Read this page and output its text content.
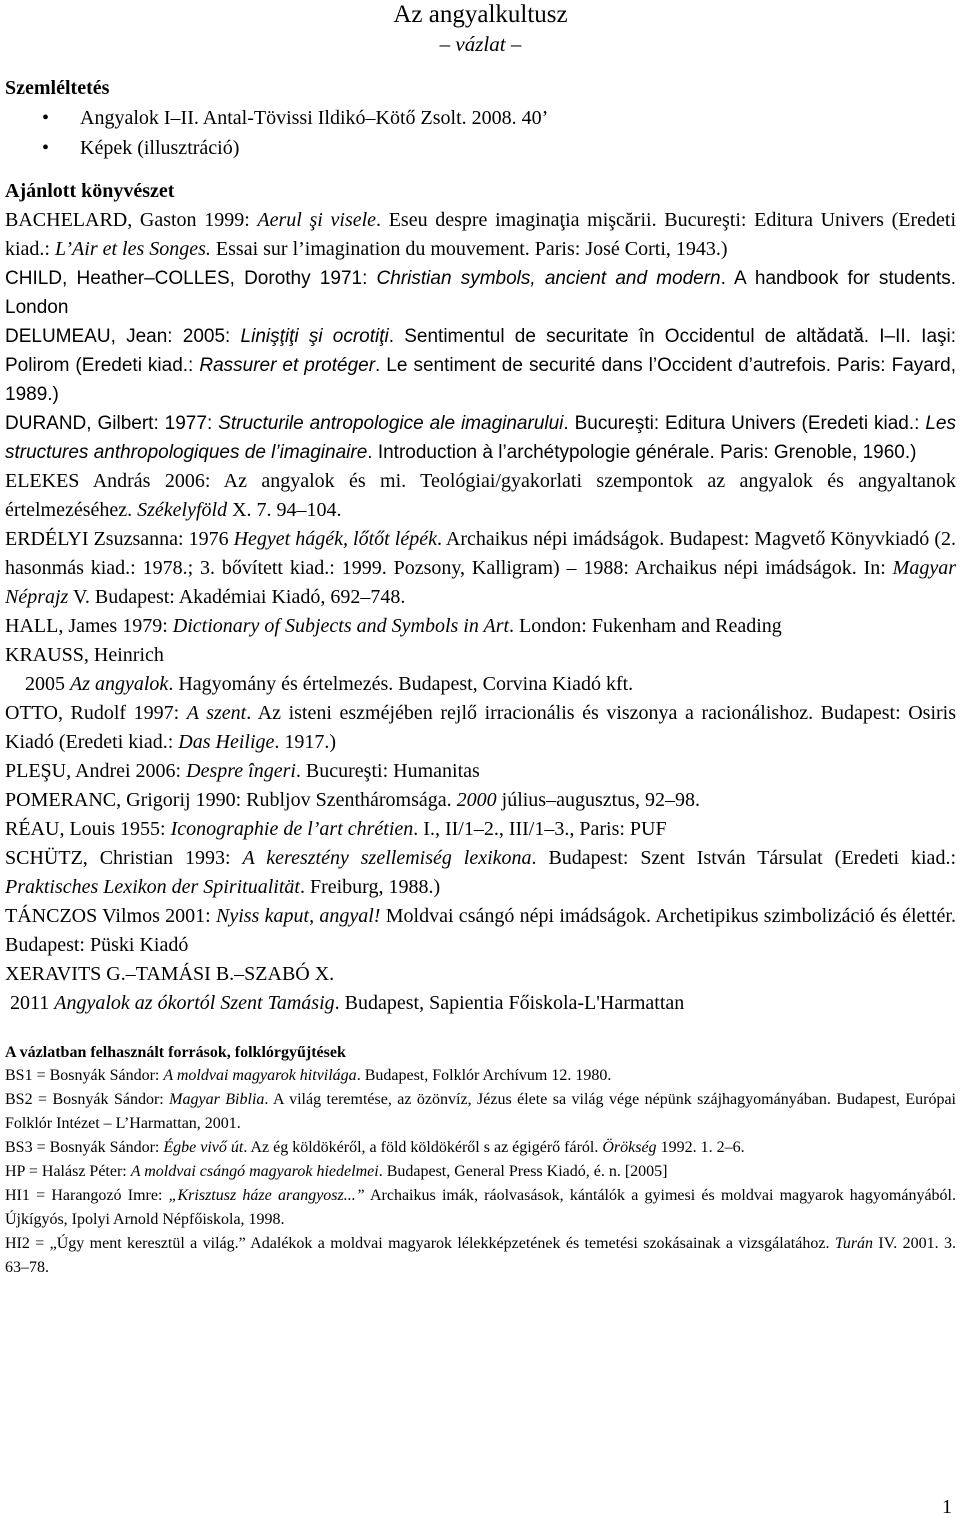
Az angyalkultusz
– vázlat –
Szemléltetés
• Angyalok I–II. Antal-Tövissi Ildikó–Kötő Zsolt. 2008. 40’
• Képek (illusztráció)
Ajánlott könyvészet
BACHELARD, Gaston 1999: Aerul şi visele. Eseu despre imaginaţia mişcării. Bucureşti: Editura Univers (Eredeti kiad.: L’Air et les Songes. Essai sur l’imagination du mouvement. Paris: José Corti, 1943.)
CHILD, Heather–COLLES, Dorothy 1971: Christian symbols, ancient and modern. A handbook for students. London
DELUMEAU, Jean: 2005: Linişţiţi şi ocrotiţi. Sentimentul de securitate în Occidentul de altădată. I–II. Iaşi: Polirom (Eredeti kiad.: Rassurer et protéger. Le sentiment de securité dans l’Occident d’autrefois. Paris: Fayard, 1989.)
DURAND, Gilbert: 1977: Structurile antropologice ale imaginarului. Bucureşti: Editura Univers (Eredeti kiad.: Les structures anthropologiques de l’imaginaire. Introduction à l’archétypologie générale. Paris: Grenoble, 1960.)
ELEKES András 2006: Az angyalok és mi. Teológiai/gyakorlati szempontok az angyalok és angyaltanok értelmezéséhez. Székelyföld X. 7. 94–104.
ERDÉLYI Zsuzsanna: 1976 Hegyet hágék, lőtőt lépék. Archaikus népi imádságok. Budapest: Magvető Könyvkiadó (2. hasonmás kiad.: 1978.; 3. bővített kiad.: 1999. Pozsony, Kalligram) – 1988: Archaikus népi imádságok. In: Magyar Néprajz V. Budapest: Akadémiai Kiadó, 692–748.
HALL, James 1979: Dictionary of Subjects and Symbols in Art. London: Fukenham and Reading
KRAUSS, Heinrich
2005 Az angyalok. Hagyomány és értelmezés. Budapest, Corvina Kiadó kft.
OTTO, Rudolf 1997: A szent. Az isteni eszméjében rejlő irracionális és viszonya a racionálishoz. Budapest: Osiris Kiadó (Eredeti kiad.: Das Heilige. 1917.)
PLEŞU, Andrei 2006: Despre îngeri. Bucureşti: Humanitas
POMERANC, Grigorij 1990: Rubljov Szentháromsága. 2000 július–augusztus, 92–98.
RÉAU, Louis 1955: Iconographie de l’art chrétien. I., II/1–2., III/1–3., Paris: PUF
SCHÜTZ, Christian 1993: A keresztény szellemiség lexikona. Budapest: Szent István Társulat (Eredeti kiad.: Praktisches Lexikon der Spiritualität. Freiburg, 1988.)
TÁNCZOS Vilmos 2001: Nyiss kaput, angyal! Moldvai csángó népi imádságok. Archetipikus szimbolizáció és élettér. Budapest: Püski Kiadó
XERAVITS G.–TAMÁSI B.–SZABÓ X.
2011 Angyalok az ókortól Szent Tamásig. Budapest, Sapientia Főiskola-L'Harmattan
A vázlatban felhasznált források, folklórgyűjtések
BS1 = Bosnyák Sándor: A moldvai magyarok hitvilága. Budapest, Folklór Archívum 12. 1980.
BS2 = Bosnyák Sándor: Magyar Biblia. A világ teremtése, az özönvíz, Jézus élete sa világ vége népünk szájhagyományában. Budapest, Európai Folklór Intézet – L’Harmattan, 2001.
BS3 = Bosnyák Sándor: Égbe vivő út. Az ég köldökéről, a föld köldökéről s az égigérő fáról. Örökség 1992. 1. 2–6.
HP = Halász Péter: A moldvai csángó magyarok hiedelmei. Budapest, General Press Kiadó, é. n. [2005]
HI1 = Harangozó Imre: „Krisztusz háze arangyosz...” Archaikus imák, ráolvasások, kántálók a gyimesi és moldvai magyarok hagyományából. Újkígyós, Ipolyi Arnold Népfőiskola, 1998.
HI2 = „Úgy ment keresztül a világ.” Adalékok a moldvai magyarok lélekképzetének és temetési szokásainak a vizsgálatához. Turán IV. 2001. 3. 63–78.
1
